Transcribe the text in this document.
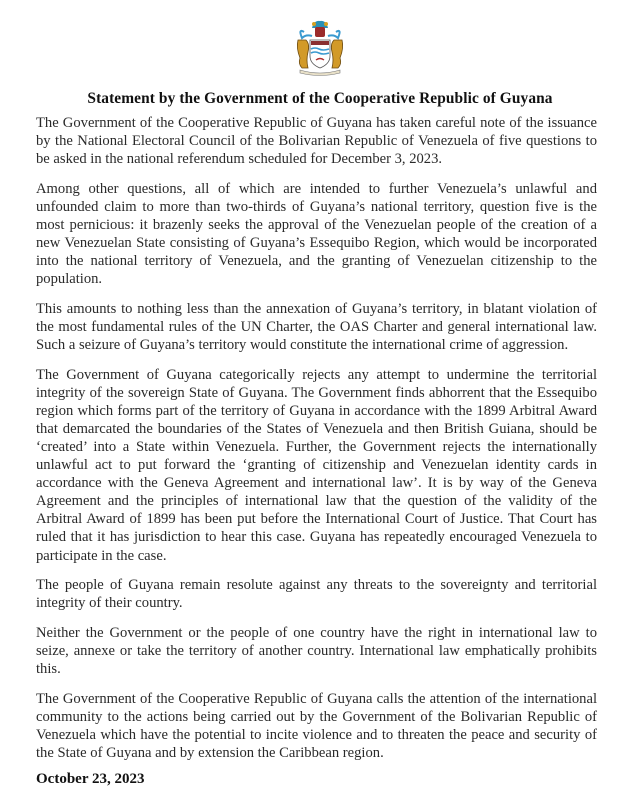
Statement by the Government of the Cooperative Republic of Guyana

The Government of the Cooperative Republic of Guyana has taken careful note of the issuance by the National Electoral Council of the Bolivarian Republic of Venezuela of five questions to be asked in the national referendum scheduled for December 3, 2023.

Among other questions, all of which are intended to further Venezuela’s unlawful and unfounded claim to more than two-thirds of Guyana’s national territory, question five is the most pernicious: it brazenly seeks the approval of the Venezuelan people of the creation of a new Venezuelan State consisting of Guyana’s Essequibo Region, which would be incorporated into the national territory of Venezuela, and the granting of Venezuelan citizenship to the population.

This amounts to nothing less than the annexation of Guyana’s territory, in blatant violation of the most fundamental rules of the UN Charter, the OAS Charter and general international law. Such a seizure of Guyana’s territory would constitute the international crime of aggression.

The Government of Guyana categorically rejects any attempt to undermine the territorial integrity of the sovereign State of Guyana. The Government finds abhorrent that the Essequibo region which forms part of the territory of Guyana in accordance with the 1899 Arbitral Award that demarcated the boundaries of the States of Venezuela and then British Guiana, should be ‘created’ into a State within Venezuela. Further, the Government rejects the internationally unlawful act to put forward the ‘granting of citizenship and Venezuelan identity cards in accordance with the Geneva Agreement and international law’. It is by way of the Geneva Agreement and the principles of international law that the question of the validity of the Arbitral Award of 1899 has been put before the International Court of Justice. That Court has ruled that it has jurisdiction to hear this case. Guyana has repeatedly encouraged Venezuela to participate in the case.

The people of Guyana remain resolute against any threats to the sovereignty and territorial integrity of their country.

Neither the Government or the people of one country have the right in international law to seize, annexe or take the territory of another country. International law emphatically prohibits this.

The Government of the Cooperative Republic of Guyana calls the attention of the international community to the actions being carried out by the Government of the Bolivarian Republic of Venezuela which have the potential to incite violence and to threaten the peace and security of the State of Guyana and by extension the Caribbean region.

October 23, 2023
